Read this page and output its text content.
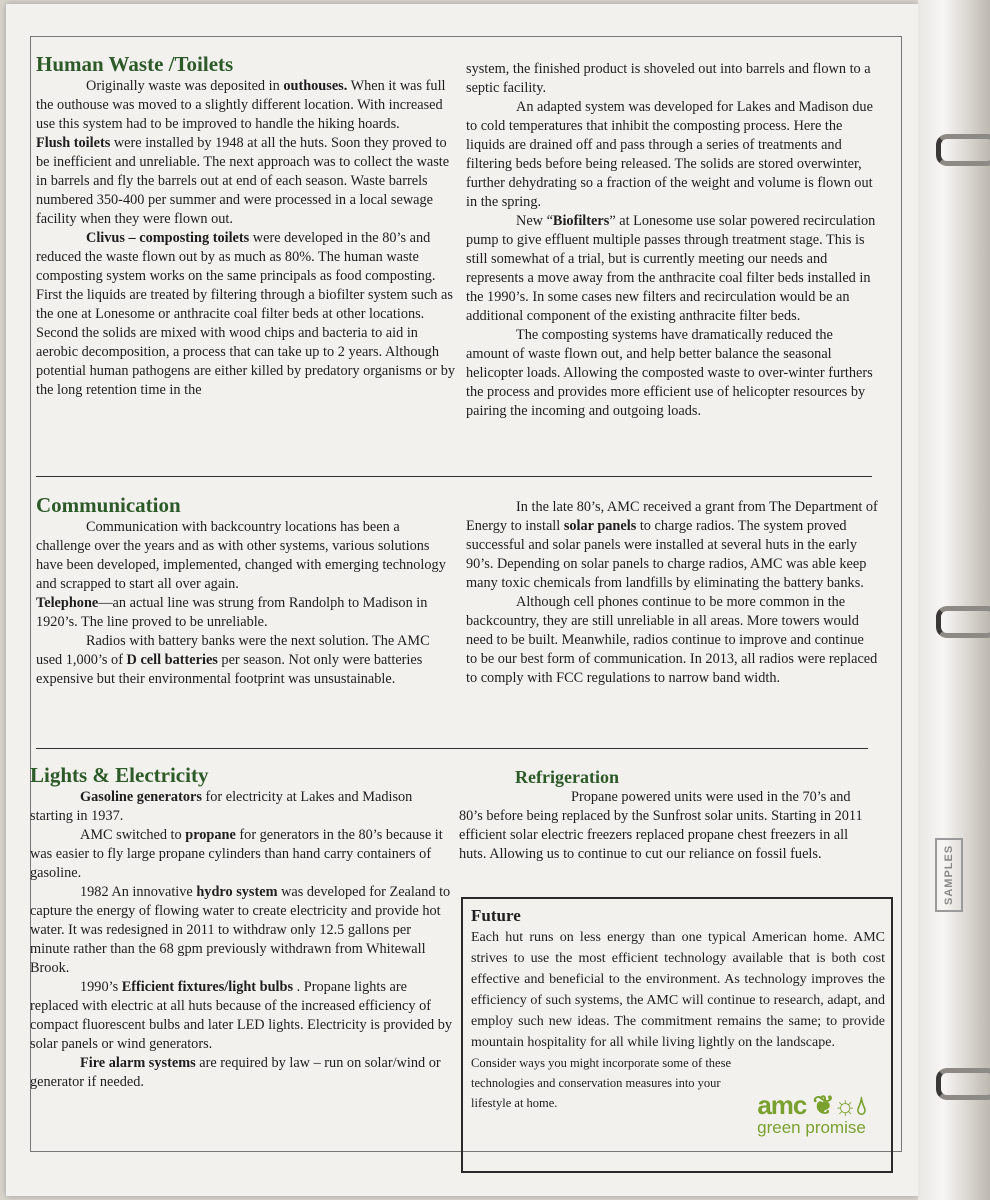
Human Waste /Toilets

Originally waste was deposited in outhouses. When it was full the outhouse was moved to a slightly different location. With increased use this system had to be improved to handle the hiking hoards.

Flush toilets were installed by 1948 at all the huts. Soon they proved to be inefficient and unreliable. The next approach was to collect the waste in barrels and fly the barrels out at end of each season. Waste barrels numbered 350-400 per summer and were processed in a local sewage facility when they were flown out.

Clivus – composting toilets were developed in the 80’s and reduced the waste flown out by as much as 80%. The human waste composting system works on the same principals as food composting. First the liquids are treated by filtering through a biofilter system such as the one at Lonesome or anthracite coal filter beds at other locations. Second the solids are mixed with wood chips and bacteria to aid in aerobic decomposition, a process that can take up to 2 years. Although potential human pathogens are either killed by predatory organisms or by the long retention time in the

system, the finished product is shoveled out into barrels and flown to a septic facility.

An adapted system was developed for Lakes and Madison due to cold temperatures that inhibit the composting process. Here the liquids are drained off and pass through a series of treatments and filtering beds before being released. The solids are stored overwinter, further dehydrating so a fraction of the weight and volume is flown out in the spring.

New “Biofilters” at Lonesome use solar powered recirculation pump to give effluent multiple passes through treatment stage. This is still somewhat of a trial, but is currently meeting our needs and represents a move away from the anthracite coal filter beds installed in the 1990’s. In some cases new filters and recirculation would be an additional component of the existing anthracite filter beds.

The composting systems have dramatically reduced the amount of waste flown out, and help better balance the seasonal helicopter loads. Allowing the composted waste to over-winter furthers the process and provides more efficient use of helicopter resources by pairing the incoming and outgoing loads.

Communication

Communication with backcountry locations has been a challenge over the years and as with other systems, various solutions have been developed, implemented, changed with emerging technology and scrapped to start all over again.

Telephone—an actual line was strung from Randolph to Madison in 1920’s. The line proved to be unreliable.

Radios with battery banks were the next solution. The AMC used 1,000’s of D cell batteries per season. Not only were batteries expensive but their environmental footprint was unsustainable.

In the late 80’s, AMC received a grant from The Department of Energy to install solar panels to charge radios. The system proved successful and solar panels were installed at several huts in the early 90’s. Depending on solar panels to charge radios, AMC was able keep many toxic chemicals from landfills by eliminating the battery banks.

Although cell phones continue to be more common in the backcountry, they are still unreliable in all areas. More towers would need to be built. Meanwhile, radios continue to improve and continue to be our best form of communication. In 2013, all radios were replaced to comply with FCC regulations to narrow band width.

Lights & Electricity

Gasoline generators for electricity at Lakes and Madison starting in 1937.

AMC switched to propane for generators in the 80’s because it was easier to fly large propane cylinders than hand carry containers of gasoline.

1982 An innovative hydro system was developed for Zealand to capture the energy of flowing water to create electricity and provide hot water. It was redesigned in 2011 to withdraw only 12.5 gallons per minute rather than the 68 gpm previously withdrawn from Whitewall Brook.

1990’s Efficient fixtures/light bulbs . Propane lights are replaced with electric at all huts because of the increased efficiency of compact fluorescent bulbs and later LED lights. Electricity is provided by solar panels or wind generators.

Fire alarm systems are required by law – run on solar/wind or generator if needed.

Refrigeration

Propane powered units were used in the 70’s and 80’s before being replaced by the Sunfrost solar units. Starting in 2011 efficient solar electric freezers replaced propane chest freezers in all huts. Allowing us to continue to cut our reliance on fossil fuels.

Future

Each hut runs on less energy than one typical American home. AMC strives to use the most efficient technology available that is both cost effective and beneficial to the environment. As technology improves the efficiency of such systems, the AMC will continue to research, adapt, and employ such new ideas. The commitment remains the same; to provide mountain hospitality for all while living lightly on the landscape.

Consider ways you might incorporate some of these technologies and conservation measures into your lifestyle at home.	amc ❦☼💧︎
green promise
SAMPLES
